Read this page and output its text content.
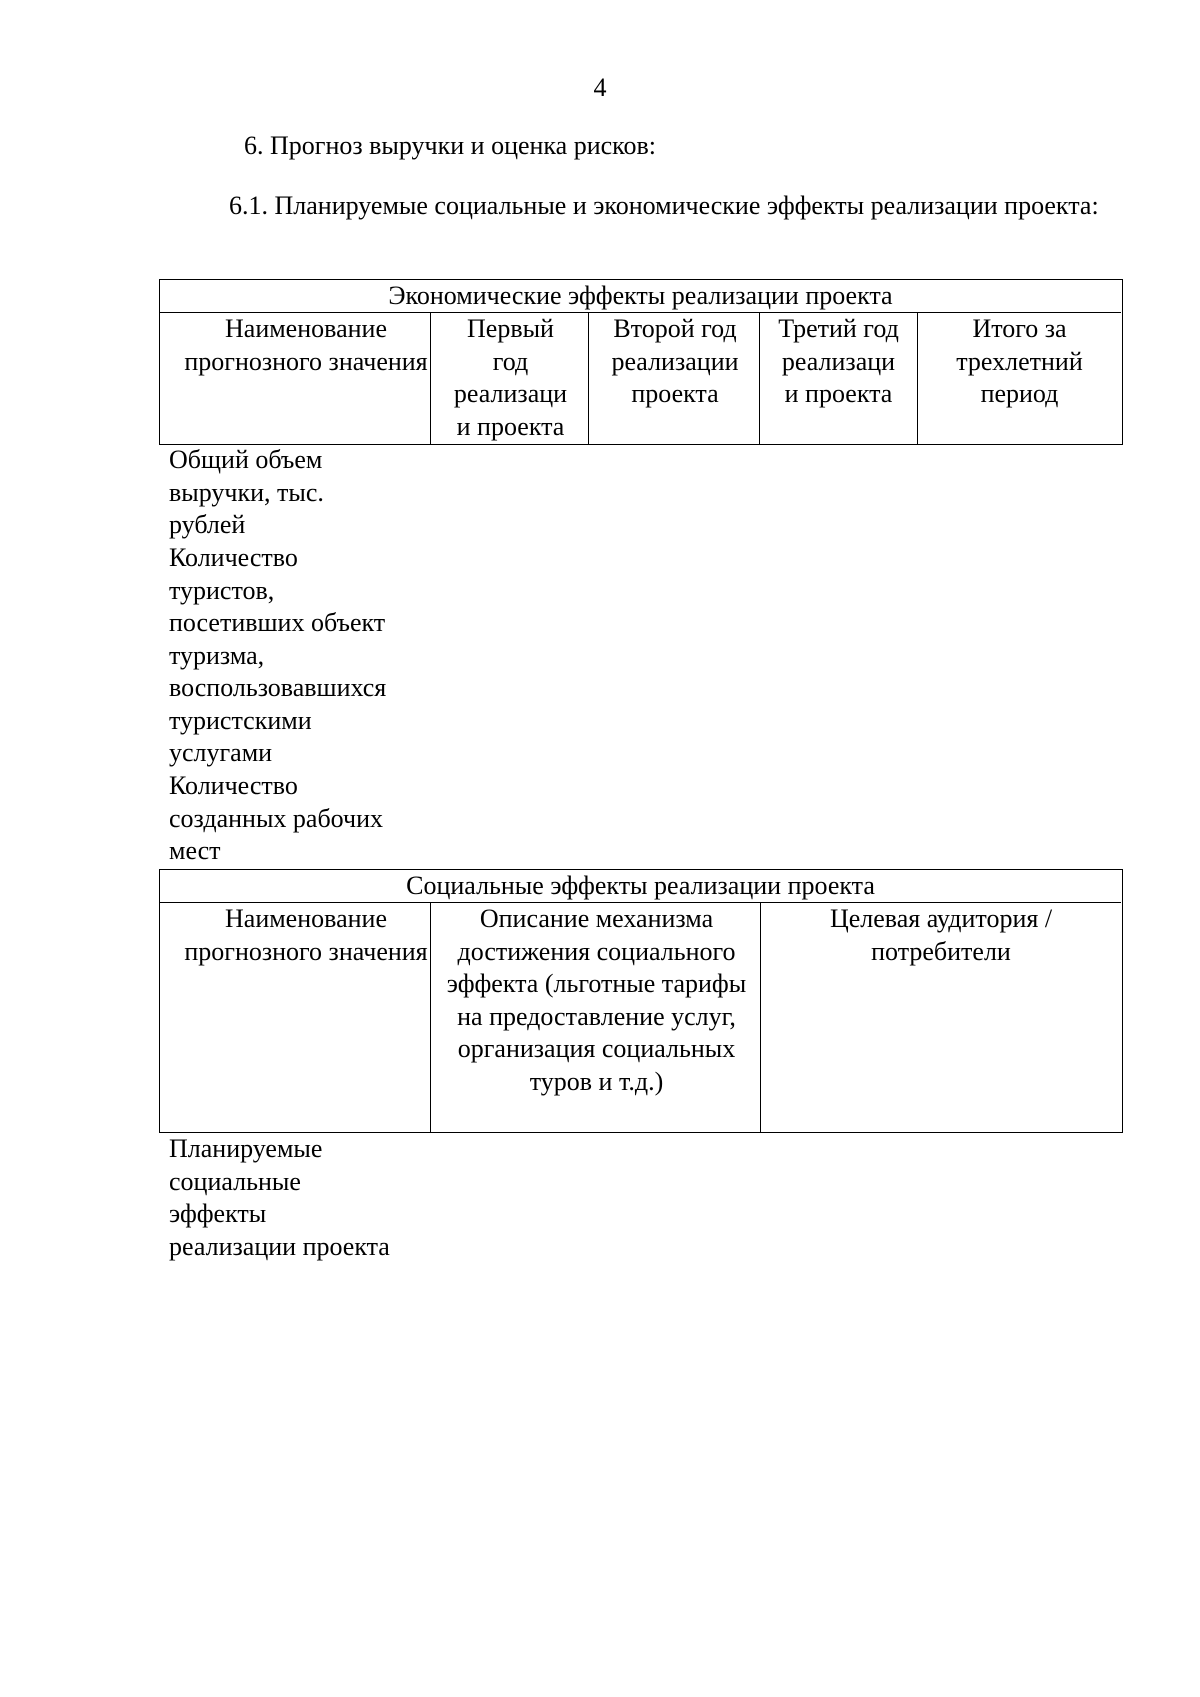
4

6. Прогноз выручки и оценка рисков:

6.1. Планируемые социальные и экономические эффекты реализации проекта:

Экономические эффекты реализации проекта
Наименование прогнозного значения
Первый год реализаци и проекта
Второй год реализации проекта
Третий год реализаци и проекта
Итого за трехлетний период

Общий объем
выручки, тыс.
рублей

Количество
туристов,
посетивших объект
туризма,
воспользовавшихся
туристскими
услугами

Количество
созданных рабочих
мест

Социальные эффекты реализации проекта
Наименование прогнозного значения
Описание механизма достижения социального эффекта (льготные тарифы на предоставление услуг, организация социальных туров и т.д.)
Целевая аудитория / потребители

Планируемые
социальные
эффекты
реализации проекта
